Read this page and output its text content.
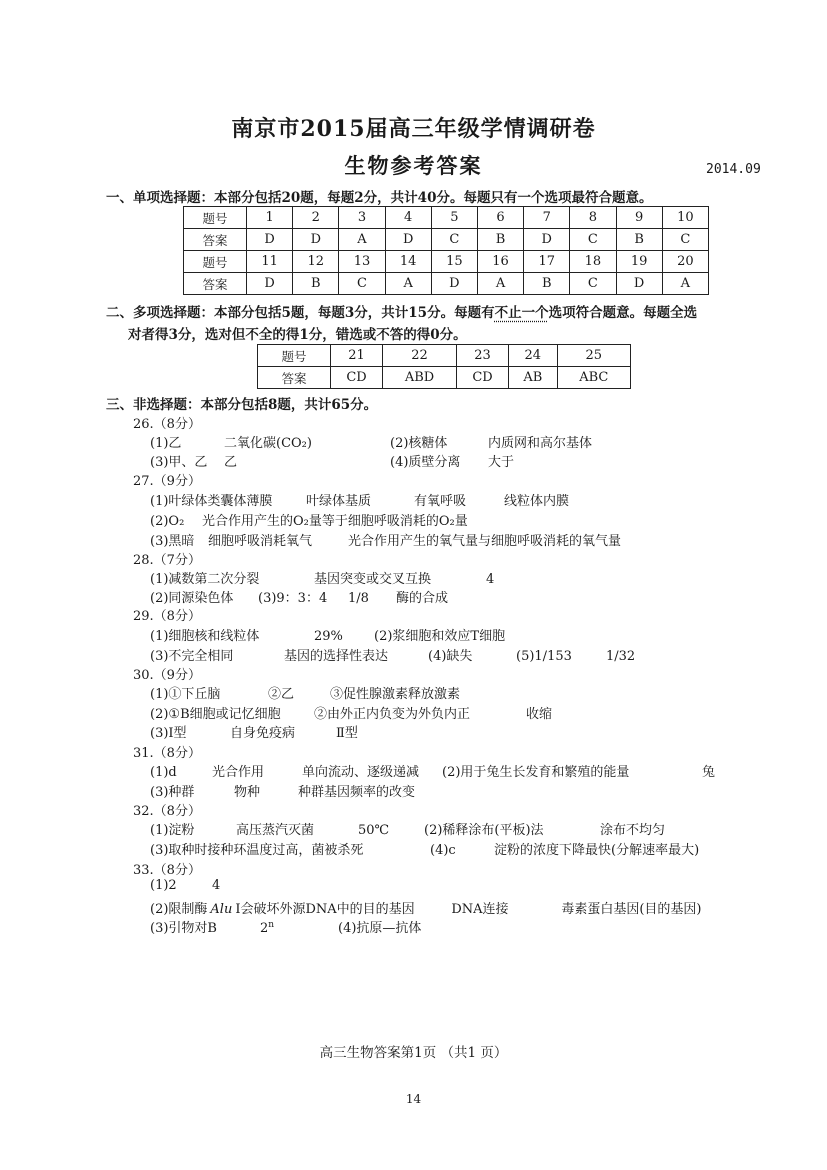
南京市2015届高三年级学情调研卷
生物参考答案	2014.09
一、单项选择题：本部分包括20题，每题2分，共计40分。每题只有一个选项最符合题意。
题号	1	2	3	4	5	6	7	8	9	10
答案	D	D	A	D	C	B	D	C	B	C
题号	11	12	13	14	15	16	17	18	19	20
答案	D	B	C	A	D	A	B	C	D	A
二、多项选择题：本部分包括5题，每题3分，共计15分。每题有不止一个选项符合题意。每题全选
对者得3分，选对但不全的得1分，错选或不答的得0分。
题号	21	22	23	24	25
答案	CD	ABD	CD	AB	ABC
三、非选择题：本部分包括8题，共计65分。
26.（8分）
(1)乙	二氧化碳(CO₂)	(2)核糖体	内质网和高尔基体
(3)甲、乙 乙	(4)质壁分离 大于
27.（9分）
(1)叶绿体类囊体薄膜	叶绿体基质	有氧呼吸	线粒体内膜
(2)O₂ 光合作用产生的O₂量等于细胞呼吸消耗的O₂量
(3)黑暗 细胞呼吸消耗氧气	光合作用产生的氧气量与细胞呼吸消耗的氧气量
28.（7分）
(1)减数第二次分裂	基因突变或交叉互换	4
(2)同源染色体 (3)9：3：4 1/8 酶的合成
29.（8分）
(1)细胞核和线粒体	29% (2)浆细胞和效应T细胞
(3)不完全相同	基因的选择性表达	(4)缺失	(5)1/153	1/32
30.（9分）
(1)①下丘脑	②乙	③促性腺激素释放激素
(2)①B细胞或记忆细胞	②由外正内负变为外负内正	收缩
(3)Ⅰ型	自身免疫病	Ⅱ型
31.（8分）
(1)d	光合作用	单向流动、逐级递减 (2)用于兔生长发育和繁殖的能量	兔
(3)种群	物种	种群基因频率的改变
32.（8分）
(1)淀粉	高压蒸汽灭菌	50℃	(2)稀释涂布(平板)法	涂布不均匀
(3)取种时接种环温度过高，菌被杀死	(4)c	淀粉的浓度下降最快(分解速率最大)
33.（8分）
(1)2	4
(2)限制酶 Alu Ⅰ会破坏外源DNA中的目的基因	DNA连接	毒素蛋白基因(目的基因)
(3)引物对B	2$^n$	(4)抗原—抗体
高三生物答案第1页 （共1 页）
14
